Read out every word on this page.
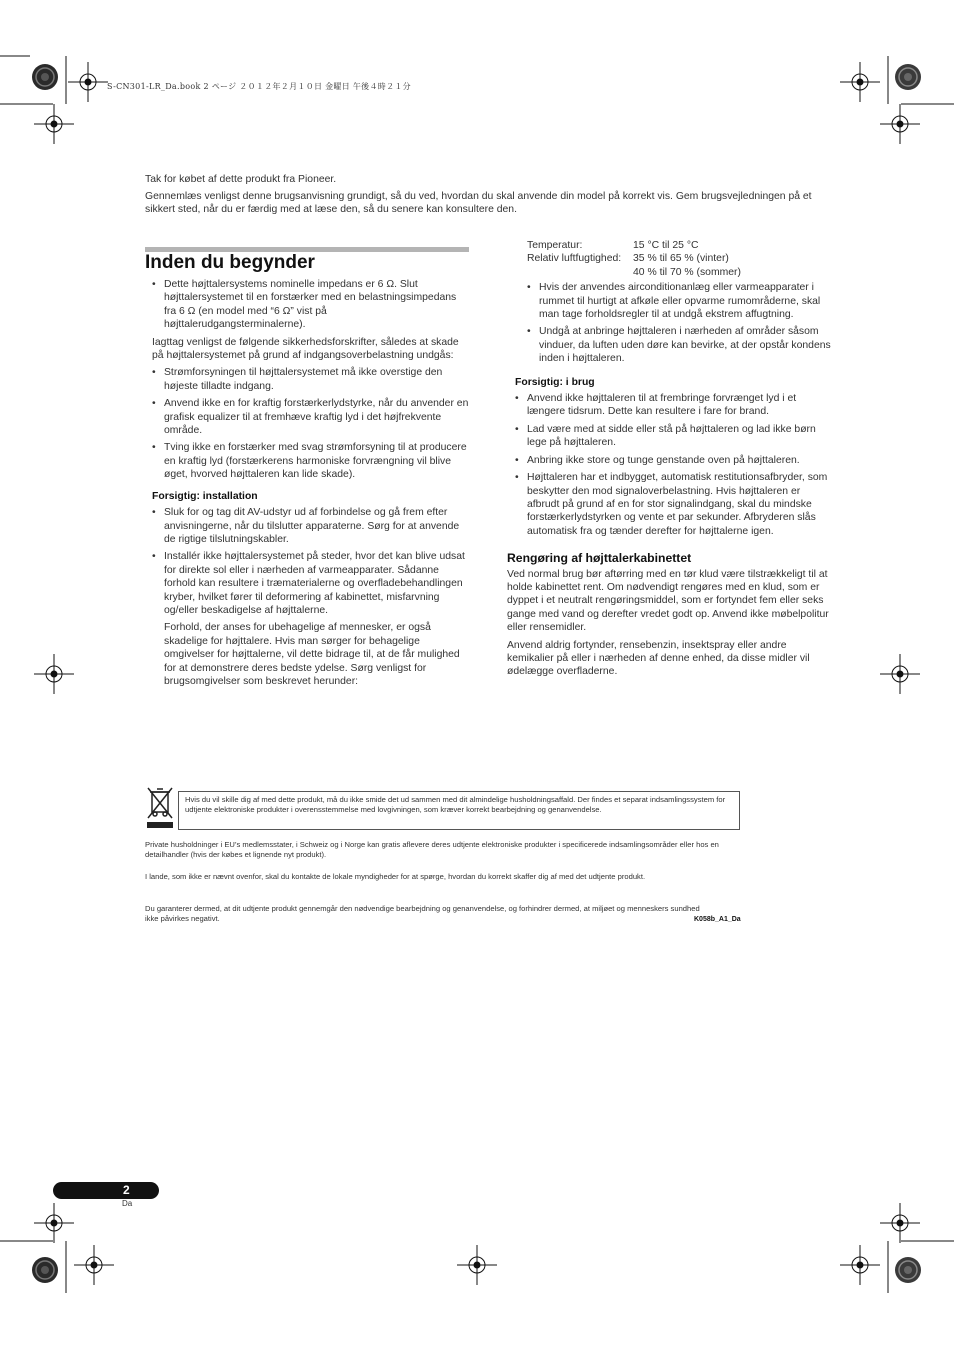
S-CN301-LR_Da.book 2 ページ ２０１２年２月１０日 金曜日 午後４時２１分
Tak for købet af dette produkt fra Pioneer.
Gennemlæs venligst denne brugsanvisning grundigt, så du ved, hvordan du skal anvende din model på korrekt vis. Gem brugsvejledningen på et sikkert sted, når du er færdig med at læse den, så du senere kan konsultere den.
Inden du begynder
• Dette højttalersystems nominelle impedans er 6 Ω. Slut højttalersystemet til en forstærker med en belastningsimpedans fra 6 Ω (en model med “6 Ω” vist på højttalerudgangsterminalerne).

Iagttag venligst de følgende sikkerhedsforskrifter, således at skade på højttalersystemet på grund af indgangsoverbelastning undgås:

• Strømforsyningen til højttalersystemet må ikke overstige den højeste tilladte indgang.
• Anvend ikke en for kraftig forstærkerlydstyrke, når du anvender en grafisk equalizer til at fremhæve kraftig lyd i det højfrekvente område.
• Tving ikke en forstærker med svag strømforsyning til at producere en kraftig lyd (forstærkerens harmoniske forvrængning vil blive øget, hvorved højttaleren kan lide skade).
Forsigtig: installation
• Sluk for og tag dit AV-udstyr ud af forbindelse og gå frem efter anvisningerne, når du tilslutter apparaterne. Sørg for at anvende de rigtige tilslutningskabler.
• Installér ikke højttalersystemet på steder, hvor det kan blive udsat for direkte sol eller i nærheden af varmeapparater. Sådanne forhold kan resultere i træmaterialerne og overfladebehandlingen kryber, hvilket fører til deformering af kabinettet, misfarvning og/eller beskadigelse af højttalerne.
Forhold, der anses for ubehagelige af mennesker, er også skadelige for højttalere. Hvis man sørger for behagelige omgivelser for højttalerne, vil dette bidrage til, at de får mulighed for at demonstrere deres bedste ydelse. Sørg venligst for brugsomgivelser som beskrevet herunder:
Temperatur:	15 °C til 25 °C
Relativ luftfugtighed:	35 % til 65 % (vinter)
40 % til 70 % (sommer)
• Hvis der anvendes airconditionanlæg eller varmeapparater i rummet til hurtigt at afkøle eller opvarme rumområderne, skal man tage forholdsregler til at undgå ekstrem affugtning.
• Undgå at anbringe højttaleren i nærheden af områder såsom vinduer, da luften uden døre kan bevirke, at der opstår kondens inden i højttaleren.
Forsigtig: i brug
• Anvend ikke højttaleren til at frembringe forvrænget lyd i et længere tidsrum. Dette kan resultere i fare for brand.
• Lad være med at sidde eller stå på højttaleren og lad ikke børn lege på højttaleren.
• Anbring ikke store og tunge genstande oven på højttaleren.
• Højttaleren har et indbygget, automatisk restitutionsafbryder, som beskytter den mod signaloverbelastning. Hvis højttaleren er afbrudt på grund af en for stor signalindgang, skal du mindske forstærkerlydstyrken og vente et par sekunder. Afbryderen slås automatisk fra og tænder derefter for højttalerne igen.
Rengøring af højttalerkabinettet

Ved normal brug bør aftørring med en tør klud være tilstrækkeligt til at holde kabinettet rent. Om nødvendigt rengøres med en klud, som er dyppet i et neutralt rengøringsmiddel, som er fortyndet fem eller seks gange med vand og derefter vredet godt op. Anvend ikke møbelpolitur eller rensemidler.

Anvend aldrig fortynder, rensebenzin, insektspray eller andre kemikalier på eller i nærheden af denne enhed, da disse midler vil ødelægge overfladerne.

Hvis du vil skille dig af med dette produkt, må du ikke smide det ud sammen med dit almindelige husholdningsaffald. Der findes et separat indsamlingssystem for udtjente elektroniske produkter i overensstemmelse med lovgivningen, som kræver korrekt bearbejdning og genanvendelse.
Private husholdninger i EU’s medlemsstater, i Schweiz og i Norge kan gratis aflevere deres udtjente elektroniske produkter i specificerede indsamlingsområder eller hos en detailhandler (hvis der købes et lignende nyt produkt).
I lande, som ikke er nævnt ovenfor, skal du kontakte de lokale myndigheder for at spørge, hvordan du korrekt skaffer dig af med det udtjente produkt.
Du garanterer dermed, at dit udtjente produkt gennemgår den nødvendige bearbejdning og genanvendelse, og forhindrer dermed, at miljøet og menneskers sundhed ikke påvirkes negativt.	K058b_A1_Da
2
Da
